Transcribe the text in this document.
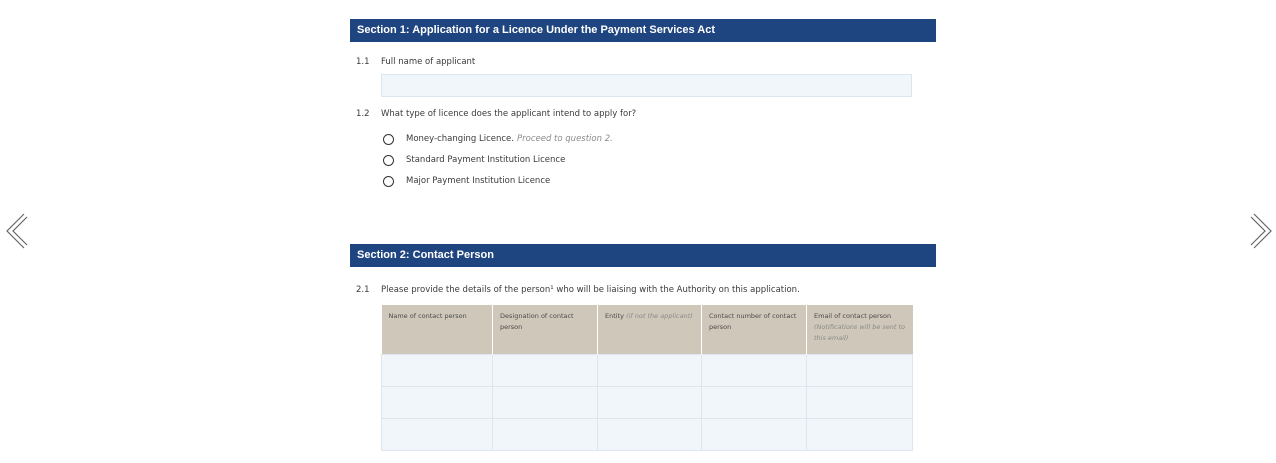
Section 1: Application for a Licence Under the Payment Services Act
1.1 Full name of applicant
1.2 What type of licence does the applicant intend to apply for?
Money-changing Licence. Proceed to question 2.
Standard Payment Institution Licence
Major Payment Institution Licence
Section 2: Contact Person
2.1 Please provide the details of the person¹ who will be liaising with the Authority on this application.
Name of contact person	Designation of contact person	Entity (if not the applicant)	Contact number of contact person	Email of contact person (Notifications will be sent to this email)
